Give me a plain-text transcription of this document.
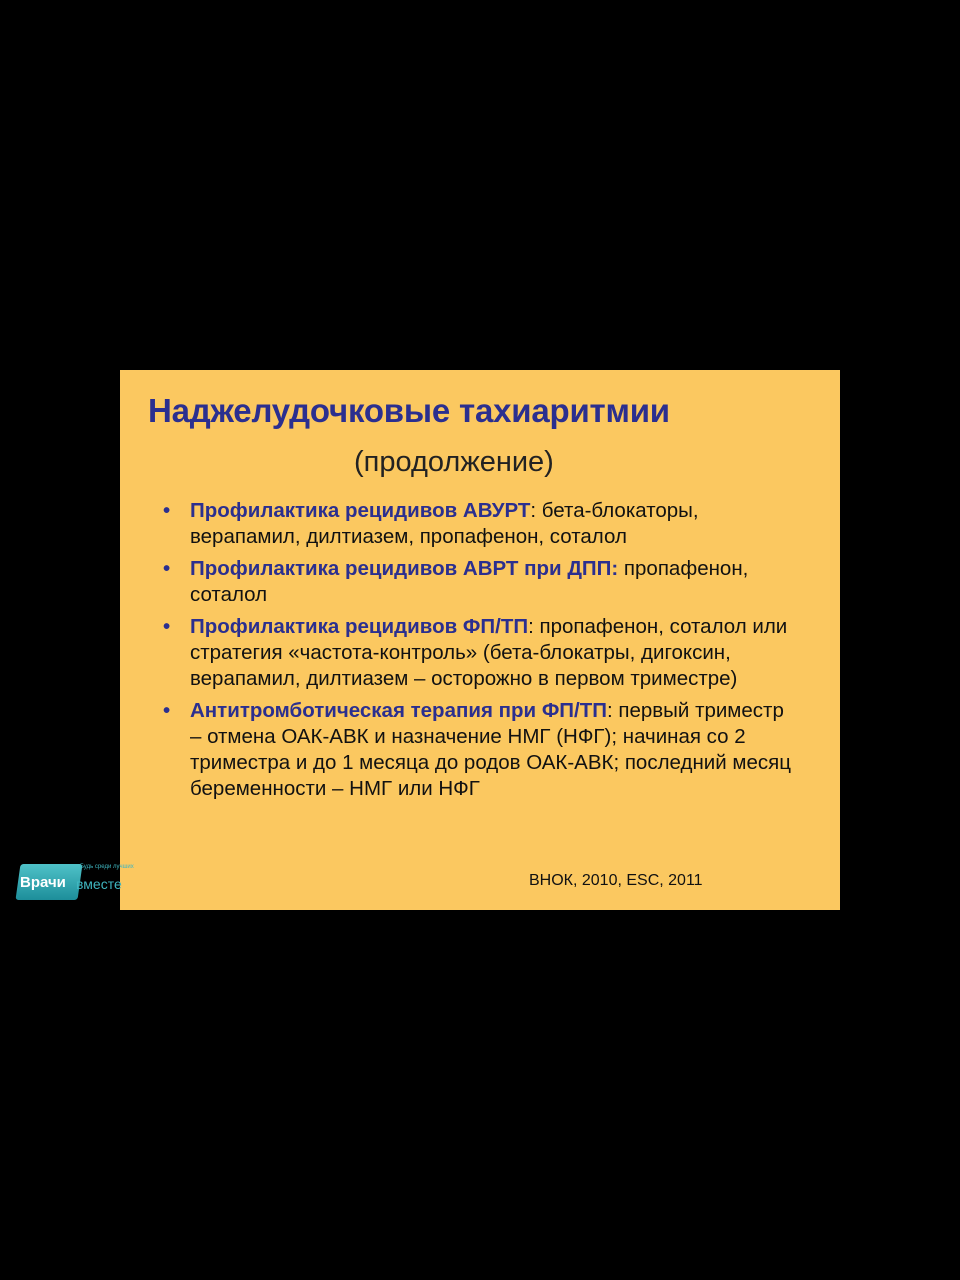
Наджелудочковые тахиаритмии
(продолжение)
• Профилактика рецидивов АВУРТ: бета-блокаторы, верапамил, дилтиазем, пропафенон, соталол
• Профилактика рецидивов АВРТ при ДПП: пропафенон, соталол
• Профилактика рецидивов ФП/ТП: пропафенон, соталол или стратегия «частота-контроль» (бета-блокатры, дигоксин, верапамил, дилтиазем – осторожно в первом триместре)
• Антитромботическая терапия при ФП/ТП: первый триместр – отмена ОАК-АВК и назначение НМГ (НФГ); начиная со 2 триместра и до 1 месяца до родов ОАК-АВК; последний месяц беременности – НМГ или НФГ
ВНОК, 2010, ESC, 2011
Врачи
Будь среди лучших
вместе
